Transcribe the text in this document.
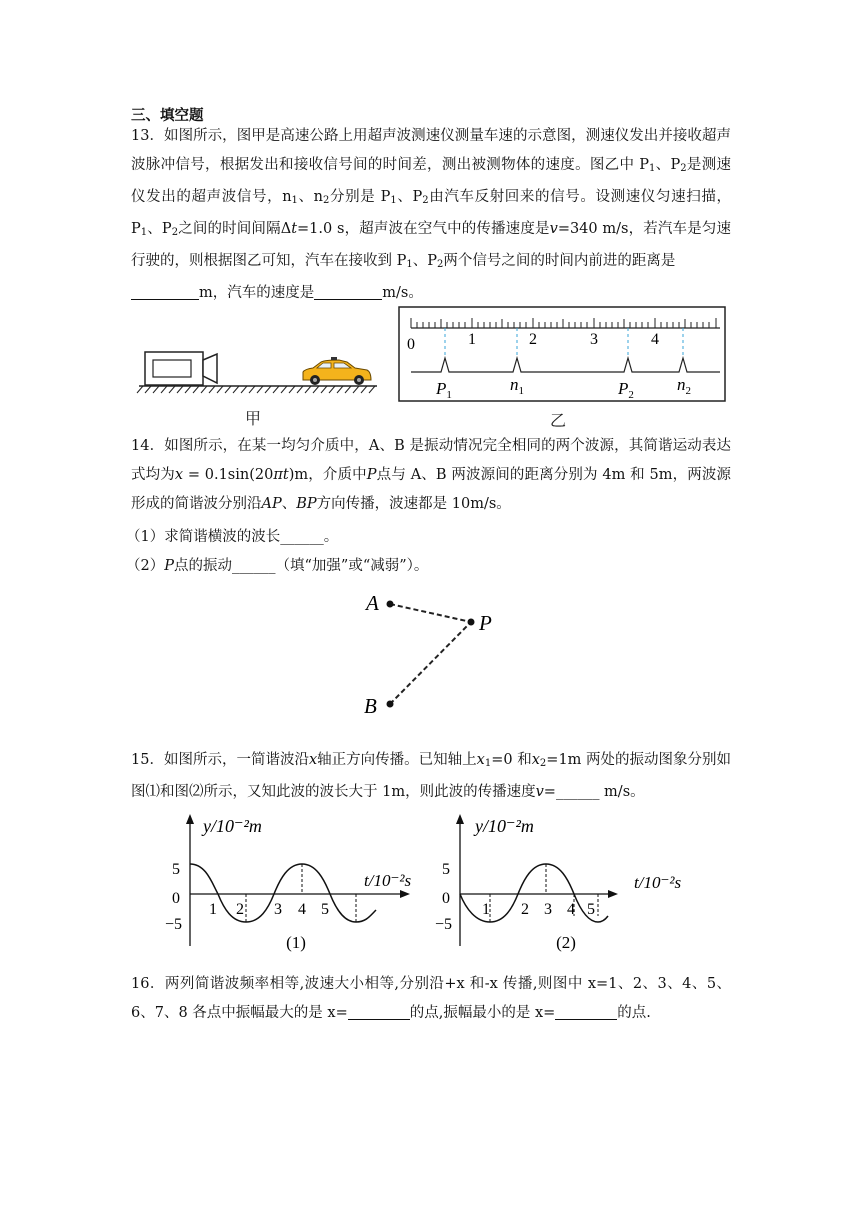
三、填空题

13．如图所示，图甲是高速公路上用超声波测速仪测量车速的示意图，测速仪发出并接收超声波脉冲信号，根据发出和接收信号间的时间差，测出被测物体的速度。图乙中 $P_1$、$P_2$是测速仪发出的超声波信号，$n_1$、$n_2$分别是 $P_1$、$P_2$由汽车反射回来的信号。设测速仪匀速扫描，$P_1$、$P_2$之间的时间间隔Δt=1.0 s，超声波在空气中的传播速度是v=340 m/s，若汽车是匀速行驶的，则根据图乙可知，汽车在接收到 $P_1$、$P_2$两个信号之间的时间内前进的距离是
m，汽车的速度是	m/s。

甲
0	1	2	3	4
$P_1$
$n_1$	$P_2$
$n_2$
乙

14．如图所示，在某一均匀介质中，A、B 是振动情况完全相同的两个波源，其简谐运动表达式均为x = 0.1sin(20πt)m，介质中P点与 A、B 两波源间的距离分别为 4m 和 5m，两波源形成的简谐波分别沿AP、BP方向传播，波速都是 10m/s。

（1）求简谐横波的波长______。

（2）P点的振动______（填“加强”或“减弱”）。

A
P
B

15．如图所示，一简谐波沿x轴正方向传播。已知轴上$x_1=0$ 和$x_2=1m$ 两处的振动图象分别如图⑴和图⑵所示，又知此波的波长大于 1m，则此波的传播速度v=______ m/s。

y/10⁻²m
t/10⁻²s
5
0
−5
1 2 3 4 5
(1)
y/10⁻²m
t/10⁻²s
5
0
−5
1 2 3 4 5
(2)

16．两列简谐波频率相等,波速大小相等,分别沿+x 和-x 传播,则图中 x=1、2、3、4、5、6、7、8 各点中振幅最大的是 x=	的点,振幅最小的是 x=	的点.
